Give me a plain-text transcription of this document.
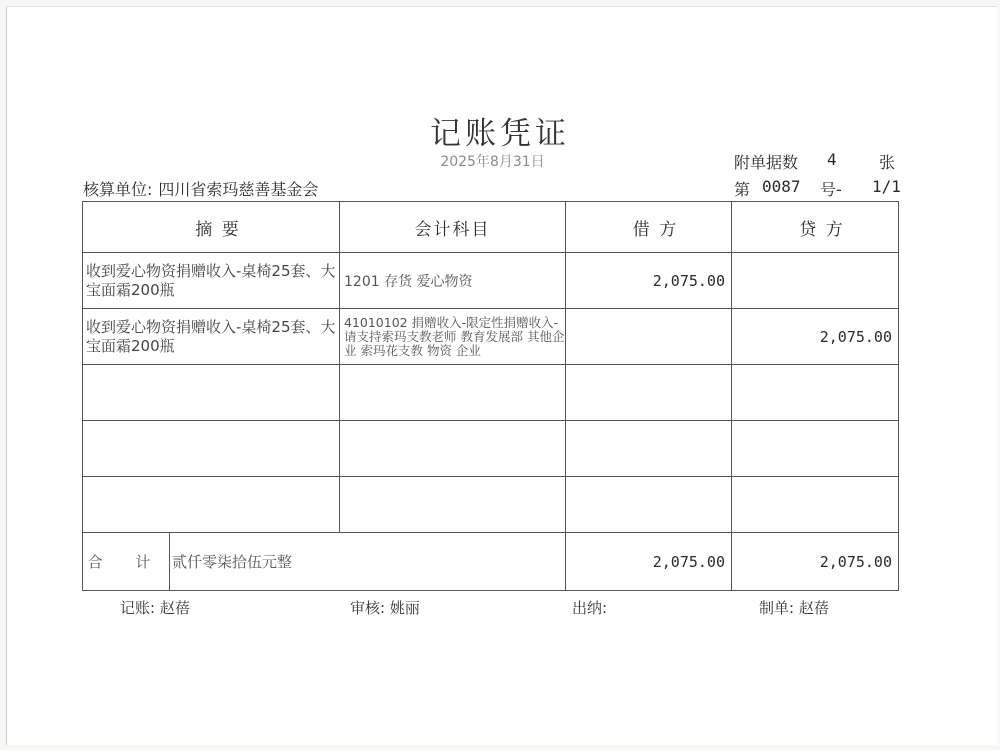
记账凭证
2025年8月31日	附单据数 4	张
核算单位: 四川省索玛慈善基金会	第 0087 号- 1/1
摘 要	会计科目	借 方	贷 方
收到爱心物资捐赠收入-桌椅25套、大宝面霜200瓶	1201 存货 爱心物资	2,075.00	
收到爱心物资捐赠收入-桌椅25套、大宝面霜200瓶	41010102 捐赠收入-限定性捐赠收入-请支持索玛支教老师 教育发展部 其他企业 索玛花支教 物资 企业		2,075.00

合 计 贰仟零柒拾伍元整		2,075.00	2,075.00
记账: 赵蓓	审核: 姚丽	出纳:	制单: 赵蓓
